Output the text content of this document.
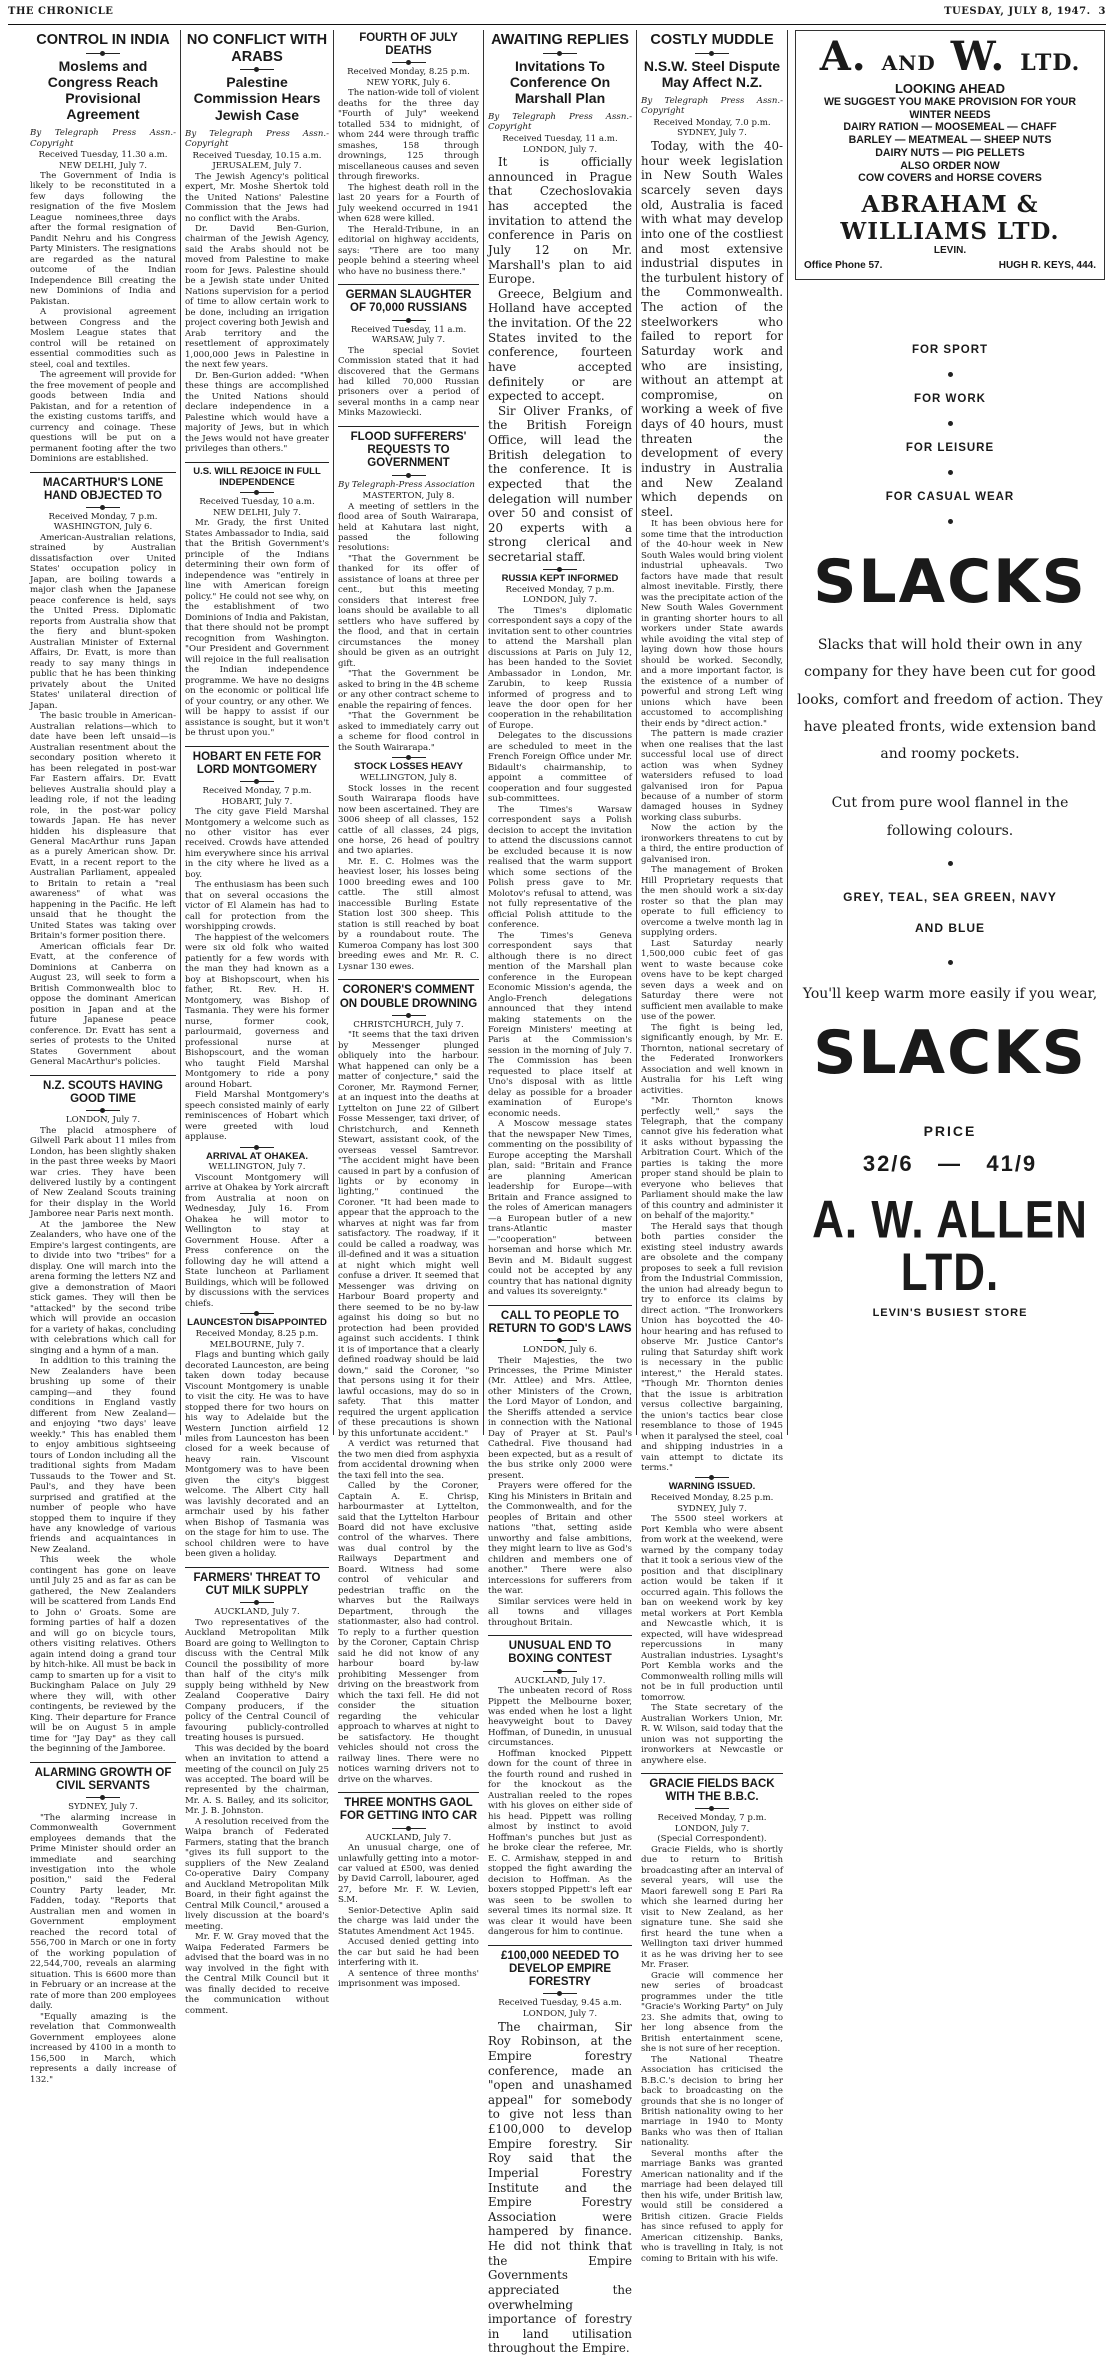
THE CHRONICLE	TUESDAY, JULY 8, 1947. 3
CONTROL IN INDIA
Moslems and Congress Reach Provisional Agreement

By Telegraph Press Assn.-Copyright

Received Tuesday, 11.30 a.m.

NEW DELHI, July 7.

The Government of India is likely to be reconstituted in a few days following the resignation of the five Moslem League nominees,three days after the formal resignation of Pandit Nehru and his Congress Party Ministers. The resignations are regarded as the natural outcome of the Indian Independence Bill creating the new Dominions of India and Pakistan.

A provisional agreement between Congress and the Moslem League states that control will be retained on essential commodities such as steel, coal and textiles.

The agreement will provide for the free movement of people and goods between India and Pakistan, and for a retention of the existing customs tariffs, and currency and coinage. These questions will be put on a permanent footing after the two Dominions are established.

MACARTHUR'S LONE HAND OBJECTED TO

Received Monday, 7 p.m.

WASHINGTON, July 6.

American-Australian relations, strained by Australian dissatisfaction over United States' occupation policy in Japan, are boiling towards a major clash when the Japanese peace conference is held, says the United Press. Diplomatic reports from Australia show that the fiery and blunt-spoken Australian Minister of External Affairs, Dr. Evatt, is more than ready to say many things in public that he has been thinking privately about the United States' unilateral direction of Japan.

The basic trouble in American-Australian relations—which to date have been left unsaid—is Australian resentment about the secondary position whereto it has been relegated in post-war Far Eastern affairs. Dr. Evatt believes Australia should play a leading role, if not the leading role, in the post-war policy towards Japan. He has never hidden his displeasure that General MacArthur runs Japan as a purely American show. Dr. Evatt, in a recent report to the Australian Parliament, appealed to Britain to retain a "real awareness" of what was happening in the Pacific. He left unsaid that he thought the United States was taking over Britain's former position there.

American officials fear Dr. Evatt, at the conference of Dominions at Canberra on August 23, will seek to form a British Commonwealth bloc to oppose the dominant American position in Japan and at the future Japanese peace conference. Dr. Evatt has sent a series of protests to the United States Government about General MacArthur's policies.

N.Z. SCOUTS HAVING GOOD TIME

LONDON, July 7.

The placid atmosphere of Gilwell Park about 11 miles from London, has been slightly shaken in the past three weeks by Maori war cries. They have been delivered lustily by a contingent of New Zealand Scouts training for their display in the World Jamboree near Paris next month.

At the jamboree the New Zealanders, who have one of the Empire's largest contingents, are to divide into two "tribes" for a display. One will march into the arena forming the letters NZ and give a demonstration of Maori stick games. They will then be "attacked" by the second tribe which will provide an occasion for a variety of hakas, concluding with celebrations which call for singing and a hymn of a man.

In addition to this training the New Zealanders have been brushing up some of their camping—and they found conditions in England vastly different from New Zealand—and enjoying "two days' leave weekly." This has enabled them to enjoy ambitious sightseeing tours of London including all the traditional sights from Madam Tussauds to the Tower and St. Paul's, and they have been surprised and gratified at the number of people who have stopped them to inquire if they have any knowledge of various friends and acquaintances in New Zealand.

This week the whole contingent has gone on leave until July 25 and as far as can be gathered, the New Zealanders will be scattered from Lands End to John o' Groats. Some are forming parties of half a dozen and will go on bicycle tours, others visiting relatives. Others again intend doing a grand tour by hitch-hike. All must be back in camp to smarten up for a visit to Buckingham Palace on July 29 where they will, with other contingents, be reviewed by the King. Their departure for France will be on August 5 in ample time for "Jay Day" as they call the beginning of the Jamboree.

ALARMING GROWTH OF CIVIL SERVANTS

SYDNEY, July 7.

"The alarming increase in Commonwealth Government employees demands that the Prime Minister should order an immediate and searching investigation into the whole position," said the Federal Country Party leader, Mr. Fadden, today. "Reports that Australian men and women in Government employment reached the record total of 556,700 in March or one in forty of the working population of 22,544,700, reveals an alarming situation. This is 6600 more than in February or an increase at the rate of more than 200 employees daily.

"Equally amazing is the revelation that Commonwealth Government employees alone increased by 4100 in a month to 156,500 in March, which represents a daily increase of 132."

NO CONFLICT WITH ARABS
Palestine Commission Hears Jewish Case

By Telegraph Press Assn.-Copyright

Received Tuesday, 10.15 a.m.

JERUSALEM, July 7.

The Jewish Agency's political expert, Mr. Moshe Shertok told the United Nations' Palestine Commission that the Jews had no conflict with the Arabs.

Dr. David Ben-Gurion, chairman of the Jewish Agency, said the Arabs should not be moved from Palestine to make room for Jews. Palestine should be a Jewish state under United Nations supervision for a period of time to allow certain work to be done, including an irrigation project covering both Jewish and Arab territory and the resettlement of approximately 1,000,000 Jews in Palestine in the next few years.

Dr. Ben-Gurion added: "When these things are accomplished the United Nations should declare independence in a Palestine which would have a majority of Jews, but in which the Jews would not have greater privileges than others."

U.S. WILL REJOICE IN FULL INDEPENDENCE

Received Tuesday, 10 a.m.

NEW DELHI, July 7.

Mr. Grady, the first United States Ambassador to India, said that the British Government's principle of the Indians determining their own form of independence was "entirely in line with American foreign policy." He could not see why, on the establishment of two Dominions of India and Pakistan, that there should not be prompt recognition from Washington. "Our President and Government will rejoice in the full realisation the Indian independence programme. We have no designs on the economic or political life of your country, or any other. We will be happy to assist if our assistance is sought, but it won't be thrust upon you."

HOBART EN FETE FOR LORD MONTGOMERY

Received Monday, 7 p.m.

HOBART, July 7.

The city gave Field Marshal Montgomery a welcome such as no other visitor has ever received. Crowds have attended him everywhere since his arrival in the city where he lived as a boy.

The enthusiasm has been such that on several occasions the victor of El Alamein has had to call for protection from the worshipping crowds.

The happiest of the welcomers were six old folk who waited patiently for a few words with the man they had known as a boy at Bishopscourt, when his father, Rt. Rev. H. H. Montgomery, was Bishop of Tasmania. They were his former nurse, former cook, parlourmaid, governess and professional nurse at Bishopscourt, and the woman who taught Field Marshal Montgomery to ride a pony around Hobart.

Field Marshal Montgomery's speech consisted mainly of early reminiscences of Hobart which were greeted with loud applause.

ARRIVAL AT OHAKEA.

WELLINGTON, July 7.

Viscount Montgomery will arrive at Ohakea by York aircraft from Australia at noon on Wednesday, July 16. From Ohakea he will motor to Wellington to stay at Government House. After a Press conference on the following day he will attend a State luncheon at Parliament Buildings, which will be followed by discussions with the services chiefs.

LAUNCESTON DISAPPOINTED

Received Monday, 8.25 p.m.

MELBOURNE, July 7.

Flags and bunting which gaily decorated Launceston, are being taken down today because Viscount Montgomery is unable to visit the city. He was to have stopped there for two hours on his way to Adelaide but the Western Junction airfield 12 miles from Launceston has been closed for a week because of heavy rain. Viscount Montgomery was to have been given the city's biggest welcome. The Albert City hall was lavishly decorated and an armchair used by his father when Bishop of Tasmania was on the stage for him to use. The school children were to have been given a holiday.

FARMERS' THREAT TO CUT MILK SUPPLY

AUCKLAND, July 7.

Two representatives of the Auckland Metropolitan Milk Board are going to Wellington to discuss with the Central Milk Council the possibility of more than half of the city's milk supply being withheld by New Zealand Cooperative Dairy Company producers, if the policy of the Central Council of favouring publicly-controlled treating houses is pursued.

This was decided by the board when an invitation to attend a meeting of the council on July 25 was accepted. The board will be represented by the chairman, Mr. A. S. Bailey, and its solicitor, Mr. J. B. Johnston.

A resolution received from the Waipa branch of Federated Farmers, stating that the branch "gives its full support to the suppliers of the New Zealand Co-operative Dairy Company and Auckland Metropolitan Milk Board, in their fight against the Central Milk Council," aroused a lively discussion at the board's meeting.

Mr. F. W. Gray moved that the Waipa Federated Farmers be advised that the board was in no way involved in the fight with the Central Milk Council but it was finally decided to receive the communication without comment.

FOURTH OF JULY DEATHS

Received Monday, 8.25 p.m.

NEW YORK, July 6.

The nation-wide toll of violent deaths for the three day "Fourth of July" weekend totalled 534 to midnight, of whom 244 were through traffic smashes, 158 through drownings, 125 through miscellaneous causes and seven through fireworks.

The highest death roll in the last 20 years for a Fourth of July weekend occurred in 1941 when 628 were killed.

The Herald-Tribune, in an editorial on highway accidents, says: "There are too many people behind a steering wheel who have no business there."

GERMAN SLAUGHTER OF 70,000 RUSSIANS

Received Tuesday, 11 a.m.

WARSAW, July 7.

The special Soviet Commission stated that it had discovered that the Germans had killed 70,000 Russian prisoners over a period of several months in a camp near Minks Mazowiecki.

FLOOD SUFFERERS' REQUESTS TO GOVERNMENT

By Telegraph-Press Association

MASTERTON, July 8.

A meeting of settlers in the flood area of South Wairarapa, held at Kahutara last night, passed the following resolutions:

"That the Government be thanked for its offer of assistance of loans at three per cent., but this meeting considers that interest free loans should be available to all settlers who have suffered by the flood, and that in certain circumstances the money should be given as an outright gift.

"That the Government be asked to bring in the 4B scheme or any other contract scheme to enable the repairing of fences.

"That the Government be asked to immediately carry out a scheme for flood control in the South Wairarapa."

STOCK LOSSES HEAVY

WELLINGTON, July 8.

Stock losses in the recent South Wairarapa floods have now been ascertained. They are 3006 sheep of all classes, 152 cattle of all classes, 24 pigs, one horse, 26 head of poultry and two apiaries.

Mr. E. C. Holmes was the heaviest loser, his losses being 1000 breeding ewes and 100 cattle. The still almost inaccessible Burling Estate Station lost 300 sheep. This station is still reached by boat by a roundabout route. The Kumeroa Company has lost 300 breeding ewes and Mr. R. C. Lysnar 130 ewes.

CORONER'S COMMENT ON DOUBLE DROWNING

CHRISTCHURCH, July 7.

"It seems that the taxi driven by Messenger plunged obliquely into the harbour. What happened can only be a matter of conjecture," said the Coroner, Mr. Raymond Ferner, at an inquest into the deaths at Lyttelton on June 22 of Gilbert Fosse Messenger, taxi driver, of Christchurch, and Kenneth Stewart, assistant cook, of the overseas vessel Samtrevor. "The accident might have been caused in part by a confusion of lights or by economy in lighting," continued the Coroner. "It had been made to appear that the approach to the wharves at night was far from satisfactory. The roadway, if it could be called a roadway, was ill-defined and it was a situation at night which might well confuse a driver. It seemed that Messenger was driving on Harbour Board property and there seemed to be no by-law against his doing so but no protection had been provided against such accidents. I think it is of importance that a clearly defined roadway should be laid down," said the Coroner, "so that persons using it for their lawful occasions, may do so in safety. That this matter required the urgent application of these precautions is shown by this unfortunate accident."

A verdict was returned that the two men died from asphyxia from accidental drowning when the taxi fell into the sea.

Called by the Coroner, Captain A. E. Chrisp, harbourmaster at Lyttelton, said that the Lyttelton Harbour Board did not have exclusive control of the wharves. There was dual control by the Railways Department and Board. Witness had some control of vehicular and pedestrian traffic on the wharves but the Railways Department, through the stationmaster, also had control. To reply to a further question by the Coroner, Captain Chrisp said he did not know of any harbour board by-law prohibiting Messenger from driving on the breastwork from which the taxi fell. He did not consider the situation regarding the vehicular approach to wharves at night to be satisfactory. He thought vehicles should not cross the railway lines. There were no notices warning drivers not to drive on the wharves.

THREE MONTHS GAOL FOR GETTING INTO CAR

AUCKLAND, July 7.

An unusual charge, one of unlawfully getting into a motor-car valued at £500, was denied by David Carroll, labourer, aged 27, before Mr. F. W. Levien, S.M.

Senior-Detective Aplin said the charge was laid under the Statutes Amendment Act 1945.

Accused denied getting into the car but said he had been interfering with it.

A sentence of three months' imprisonment was imposed.

AWAITING REPLIES
Invitations To Conference On Marshall Plan

By Telegraph Press Assn.-Copyright

Received Tuesday, 11 a.m.

LONDON, July 7.

It is officially announced in Prague that Czechoslovakia has accepted the invitation to attend the conference in Paris on July 12 on Mr. Marshall's plan to aid Europe.

Greece, Belgium and Holland have accepted the invitation. Of the 22 States invited to the conference, fourteen have accepted definitely or are expected to accept.

Sir Oliver Franks, of the British Foreign Office, will lead the British delegation to the conference. It is expected that the delegation will number over 50 and consist of 20 experts with a strong clerical and secretarial staff.

RUSSIA KEPT INFORMED

Received Monday, 7 p.m.

LONDON, July 7.

The Times's diplomatic correspondent says a copy of the invitation sent to other countries to attend the Marshall plan discussions at Paris on July 12, has been handed to the Soviet Ambassador in London, Mr. Zarubin, to keep Russia informed of progress and to leave the door open for her cooperation in the rehabilitation of Europe.

Delegates to the discussions are scheduled to meet in the French Foreign Office under Mr. Bidault's chairmanship, to appoint a committee of cooperation and four suggested sub-committees.

The Times's Warsaw correspondent says a Polish decision to accept the invitation to attend the discussions cannot be excluded because it is now realised that the warm support which some sections of the Polish press gave to Mr. Molotov's refusal to attend, was not fully representative of the official Polish attitude to the conference.

The Times's Geneva correspondent says that although there is no direct mention of the Marshall plan conference in the European Economic Mission's agenda, the Anglo-French delegations announced that they intend making statements on the Foreign Ministers' meeting at Paris at the Commission's session in the morning of July 7. The Commission has been requested to place itself at Uno's disposal with as little delay as possible for a broader examination of Europe's economic needs.

A Moscow message states that the newspaper New Times, commenting on the possibility of Europe accepting the Marshall plan, said: "Britain and France are planning American leadership for Europe—with Britain and France assigned to the roles of American managers—a European butler of a new trans-Atlantic master—"cooperation" between horseman and horse which Mr. Bevin and M. Bidault suggest could not be accepted by any country that has national dignity and values its sovereignty."

CALL TO PEOPLE TO RETURN TO GOD'S LAWS

LONDON, July 6.

Their Majesties, the two Princesses, the Prime Minister (Mr. Attlee) and Mrs. Attlee, other Ministers of the Crown, the Lord Mayor of London, and the Sheriffs attended a service in connection with the National Day of Prayer at St. Paul's Cathedral. Five thousand had been expected, but as a result of the bus strike only 2000 were present.

Prayers were offered for the King his Ministers in Britain and the Commonwealth, and for the peoples of Britain and other nations "that, setting aside unworthy and false ambitions, they might learn to live as God's children and members one of another." There were also intercessions for sufferers from the war.

Similar services were held in all towns and villages throughout Britain.

UNUSUAL END TO BOXING CONTEST

AUCKLAND, July 17.

The unbeaten record of Ross Pippett the Melbourne boxer, was ended when he lost a light heavyweight bout to Davey Hoffman, of Dunedin, in unusual circumstances.

Hoffman knocked Pippett down for the count of three in the fourth round and rushed in for the knockout as the Australian reeled to the ropes with his gloves on either side of his head. Pippett was rolling almost by instinct to avoid Hoffman's punches but just as he broke clear the referee, Mr. E. C. Armishaw, stepped in and stopped the fight awarding the decision to Hoffman. As the boxers stopped Pippett's left ear was seen to be swollen to several times its normal size. It was clear it would have been dangerous for him to continue.

£100,000 NEEDED TO DEVELOP EMPIRE FORESTRY

Received Tuesday, 9.45 a.m.

LONDON, July 7.

The chairman, Sir Roy Robinson, at the Empire forestry conference, made an "open and unashamed appeal" for somebody to give not less than £100,000 to develop Empire forestry. Sir Roy said that the Imperial Forestry Institute and the Empire Forestry Association were hampered by finance. He did not think that the Empire Governments appreciated the overwhelming importance of forestry in land utilisation throughout the Empire.

COSTLY MUDDLE
N.S.W. Steel Dispute May Affect N.Z.

By Telegraph Press Assn.-Copyright

Received Monday, 7.0 p.m.

SYDNEY, July 7.

Today, with the 40-hour week legislation in New South Wales scarcely seven days old, Australia is faced with what may develop into one of the costliest and most extensive industrial disputes in the turbulent history of the Commonwealth. The action of the steelworkers who failed to report for Saturday work and who are insisting, without an attempt at compromise, on working a week of five days of 40 hours, must threaten the development of every industry in Australia and New Zealand which depends on steel.

It has been obvious here for some time that the introduction of the 40-hour week in New South Wales would bring violent industrial upheavals. Two factors have made that result almost inevitable. Firstly, there was the precipitate action of the New South Wales Government in granting shorter hours to all workers under State awards while avoiding the vital step of laying down how those hours should be worked. Secondly, and a more important factor, is the existence of a number of powerful and strong Left wing unions which have been accustomed to accomplishing their ends by "direct action."

The pattern is made crazier when one realises that the last successful local use of direct action was when Sydney watersiders refused to load galvanised iron for Papua because of a number of storm damaged houses in Sydney working class suburbs.

Now the action by the ironworkers threatens to cut by a third, the entire production of galvanised iron.

The management of Broken Hill Proprietary requests that the men should work a six-day roster so that the plan may operate to full efficiency to overcome a twelve month lag in supplying orders.

Last Saturday nearly 1,500,000 cubic feet of gas went to waste because coke ovens have to be kept charged seven days a week and on Saturday there were not sufficient men available to make use of the power.

The fight is being led, significantly enough, by Mr. E. Thornton, national secretary of the Federated Ironworkers Association and well known in Australia for his Left wing activities.

"Mr. Thornton knows perfectly well," says the Telegraph, that the company cannot give his federation what it asks without bypassing the Arbitration Court. Which of the parties is taking the more proper stand should be plain to everyone who believes that Parliament should make the law of this country and administer it on behalf of the majority."

The Herald says that though both parties consider the existing steel industry awards are obsolete and the company proposes to seek a full revision from the Industrial Commission, the union had already begun to try to enforce its claims by direct action. "The Ironworkers Union has boycotted the 40-hour hearing and has refused to observe Mr. Justice Cantor's ruling that Saturday shift work is necessary in the public interest," the Herald states. "Though Mr. Thornton denies that the issue is arbitration versus collective bargaining, the union's tactics bear close resemblance to those of 1945 when it paralysed the steel, coal and shipping industries in a vain attempt to dictate its terms."

WARNING ISSUED.

Received Monday, 8.25 p.m.

SYDNEY, July 7.

The 5500 steel workers at Port Kembla who were absent from work at the weekend, were warned by the company today that it took a serious view of the position and that disciplinary action would be taken if it occurred again. This follows the ban on weekend work by key metal workers at Port Kembla and Newcastle which, it is expected, will have widespread repercussions in many Australian industries. Lysaght's Port Kembla works and the Commonwealth rolling mills will not be in full production until tomorrow.

The State secretary of the Australian Workers Union, Mr. R. W. Wilson, said today that the union was not supporting the ironworkers at Newcastle or anywhere else.

GRACIE FIELDS BACK WITH THE B.B.C.

Received Monday, 7 p.m.

LONDON, July 7.

(Special Correspondent).

Gracie Fields, who is shortly due to return to British broadcasting after an interval of several years, will use the Maori farewell song E Pari Ra which she learned during her visit to New Zealand, as her signature tune. She said she first heard the tune when a Wellington taxi driver hummed it as he was driving her to see Mr. Fraser.

Gracie will commence her new series of broadcast programmes under the title "Gracie's Working Party" on July 23. She admits that, owing to her long absence from the British entertainment scene, she is not sure of her reception.

The National Theatre Association has criticised the B.B.C.'s decision to bring her back to broadcasting on the grounds that she is no longer of British nationality owing to her marriage in 1940 to Monty Banks who was then of Italian nationality.

Several months after the marriage Banks was granted American nationality and if the marriage had been delayed till then his wife, under British law, would still be considered a British citizen. Gracie Fields has since refused to apply for American citizenship. Banks, who is travelling in Italy, is not coming to Britain with his wife.

A. AND W. LTD.
LOOKING AHEAD
WE SUGGEST YOU MAKE PROVISION FOR YOUR
WINTER NEEDS
DAIRY RATION — MOOSEMEAL — CHAFF
BARLEY — MEATMEAL — SHEEP NUTS
DAIRY NUTS — PIG PELLETS
ALSO ORDER NOW
COW COVERS and HORSE COVERS
ABRAHAM & WILLIAMS LTD.
LEVIN.
Office Phone 57.	HUGH R. KEYS, 444.

FOR SPORT

FOR WORK

FOR LEISURE

FOR CASUAL WEAR

SLACKS

Slacks that will hold their own in any company for they have been cut for good looks, comfort and freedom of action. They have pleated fronts, wide extension band and roomy pockets.

Cut from pure wool flannel in the following colours.

GREY, TEAL, SEA GREEN, NAVY
AND BLUE

You'll keep warm more easily if you wear,

SLACKS
PRICE
32/6 — 41/9
A. W. ALLEN LTD.
LEVIN'S BUSIEST STORE
